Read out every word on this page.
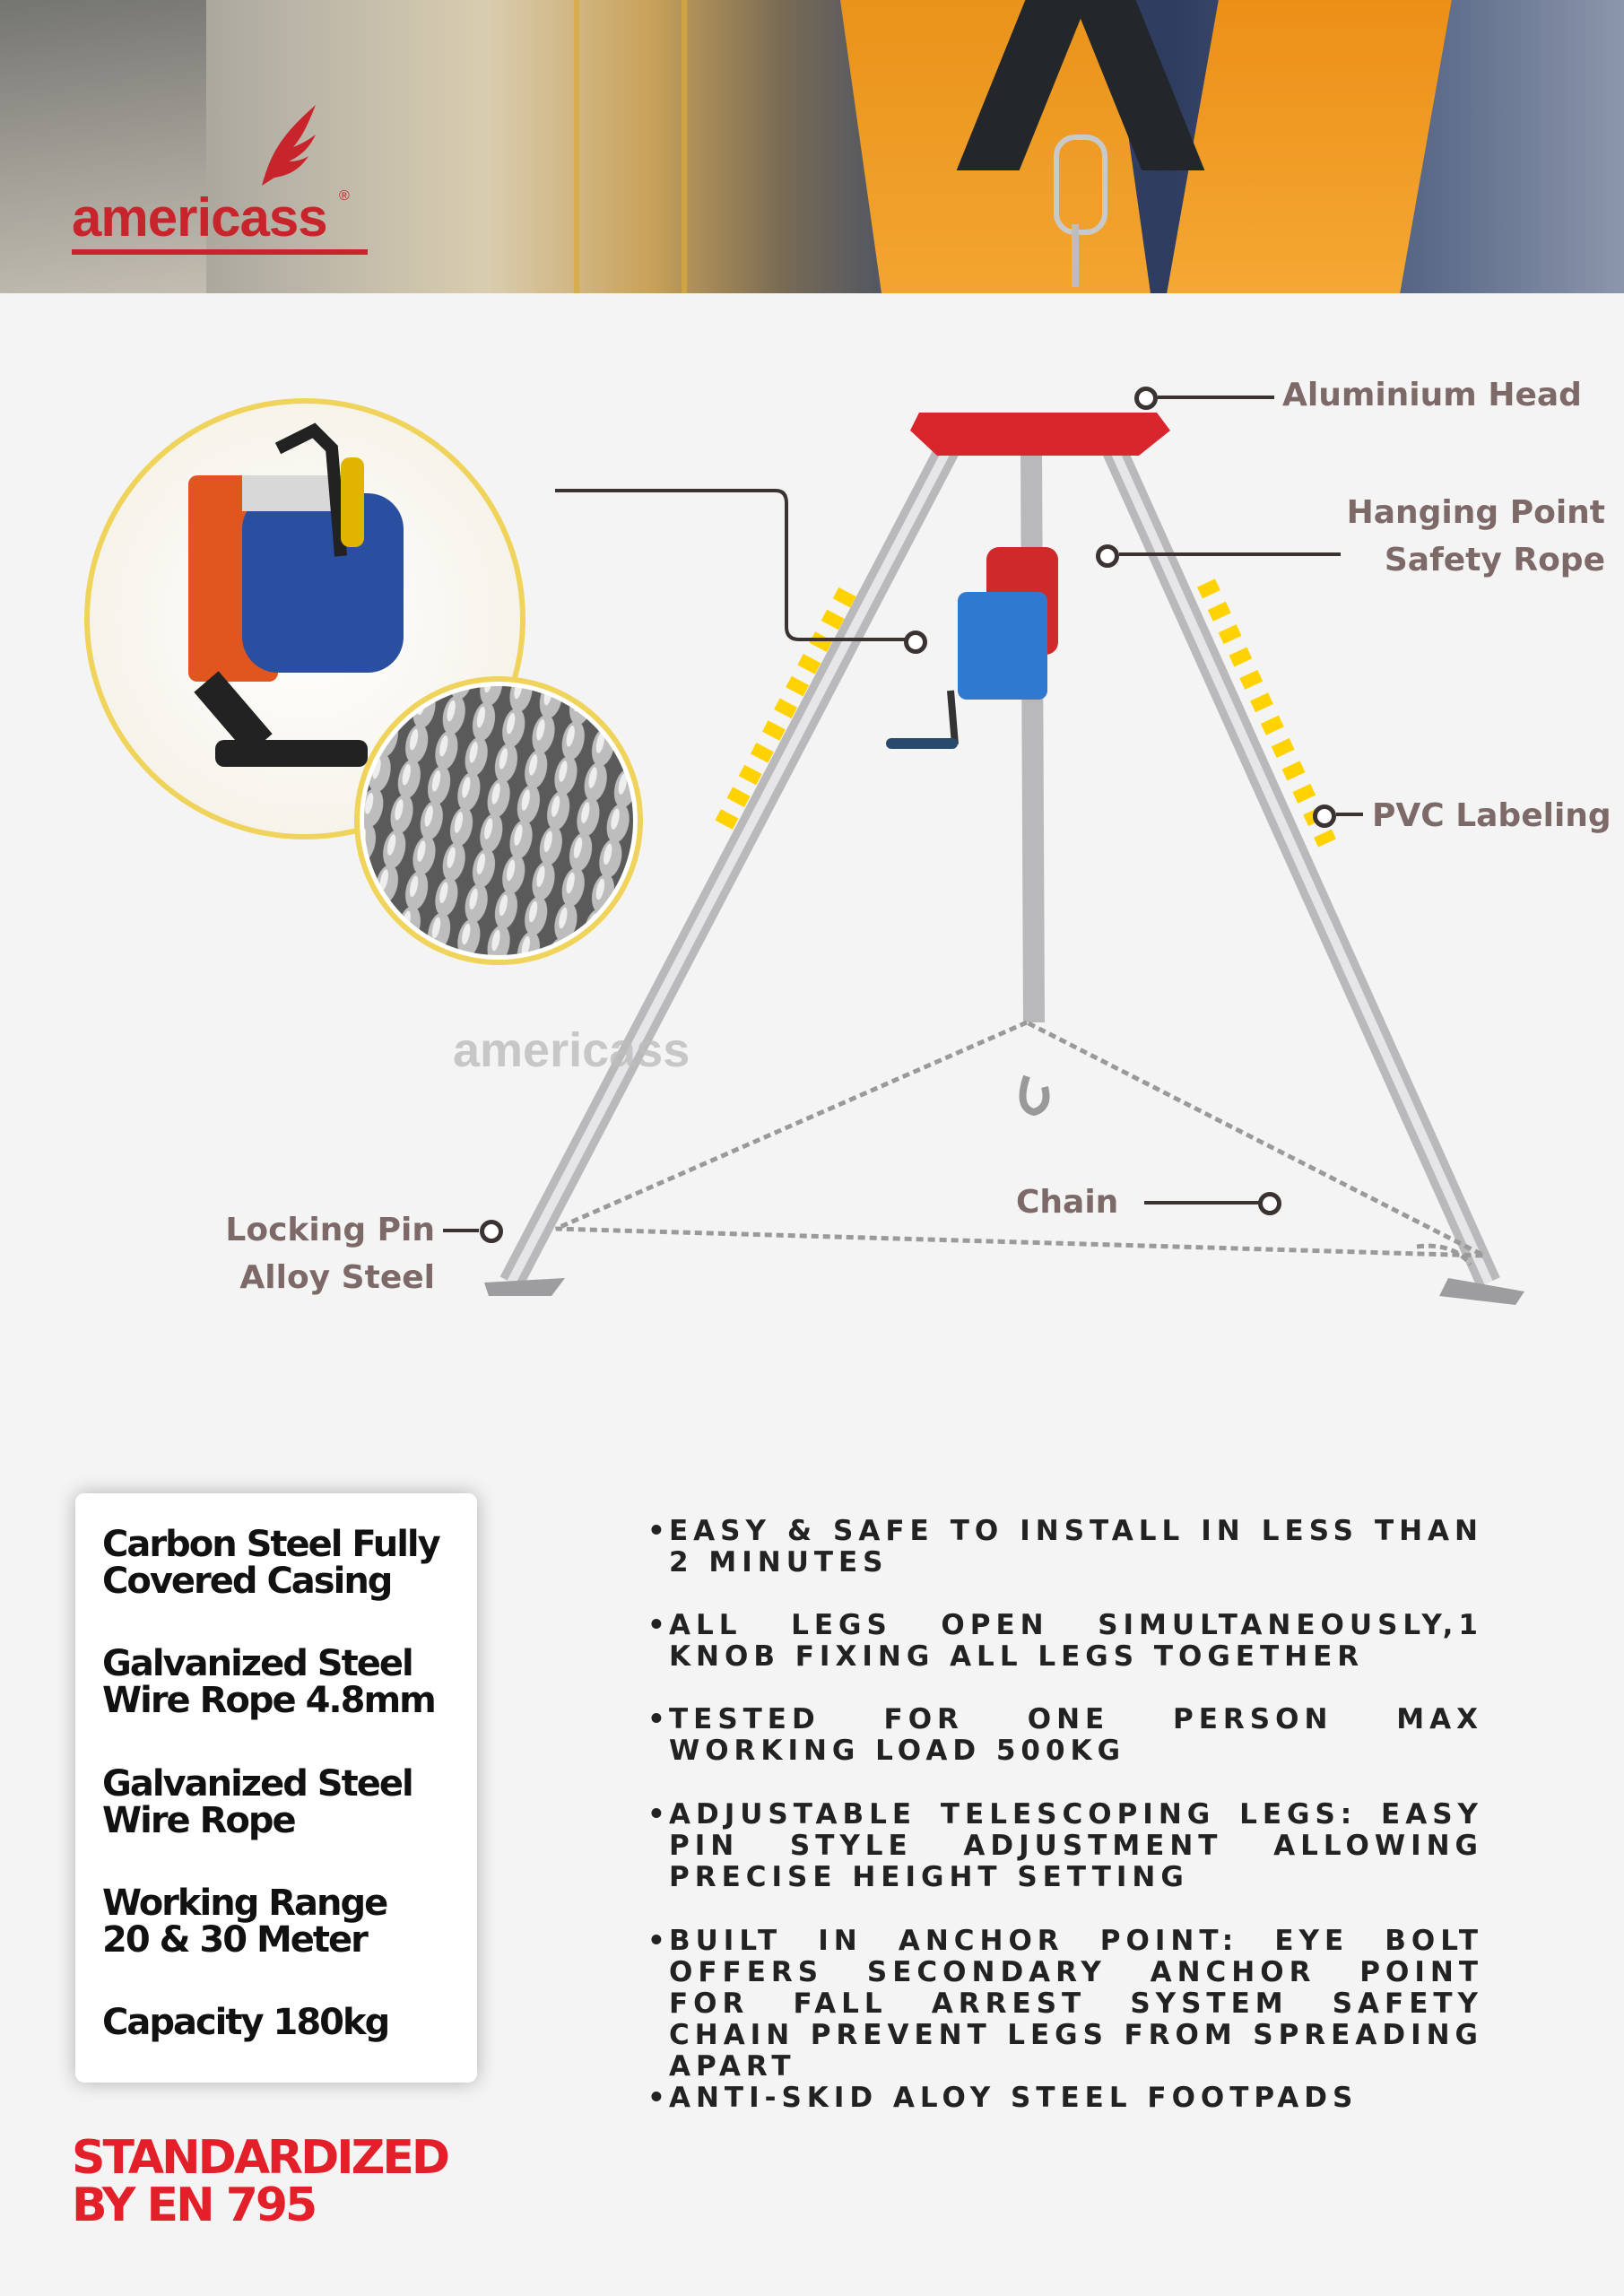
americass ®
americass
Aluminium Head
Hanging Point
Safety Rope
PVC Labeling
Chain
Locking Pin
Alloy Steel
Carbon Steel Fully
Covered Casing
Galvanized Steel
Wire Rope 4.8mm
Galvanized Steel
Wire Rope
Working Range
20 & 30 Meter
Capacity 180kg
• EASY & SAFE TO INSTALL IN LESS THAN 2 MINUTES
• ALL LEGS OPEN SIMULTANEOUSLY,1 KNOB FIXING ALL LEGS TOGETHER
• TESTED FOR ONE PERSON MAX WORKING LOAD 500KG
• ADJUSTABLE TELESCOPING LEGS: EASY PIN STYLE ADJUSTMENT ALLOWING PRECISE HEIGHT SETTING
• BUILT IN ANCHOR POINT: EYE BOLT OFFERS SECONDARY ANCHOR POINT FOR FALL ARREST SYSTEM SAFETY CHAIN PREVENT LEGS FROM SPREADING APART
• ANTI-SKID ALOY STEEL FOOTPADS
STANDARDIZED
BY EN 795
